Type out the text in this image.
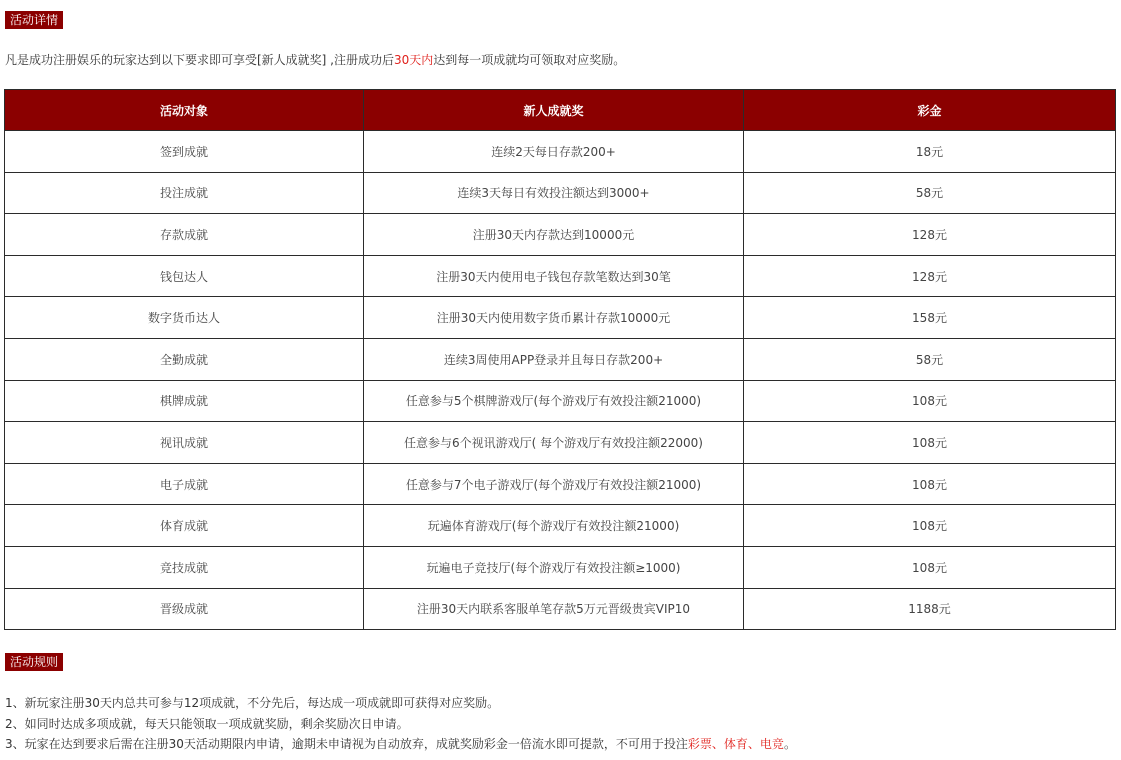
活动详情
凡是成功注册娱乐的玩家达到以下要求即可享受[新人成就奖] ,注册成功后30天内达到每一项成就均可领取对应奖励。
活动对象	新人成就奖	彩金
签到成就	连续2天每日存款200+	18元
投注成就	连续3天每日有效投注额达到3000+	58元
存款成就	注册30天内存款达到10000元	128元
钱包达人	注册30天内使用电子钱包存款笔数达到30笔	128元
数字货币达人	注册30天内使用数字货币累计存款10000元	158元
全勤成就	连续3周使用APP登录并且每日存款200+	58元
棋牌成就	任意参与5个棋牌游戏厅(每个游戏厅有效投注额21000)	108元
视讯成就	任意参与6个视讯游戏厅( 每个游戏厅有效投注额22000)	108元
电子成就	任意参与7个电子游戏厅(每个游戏厅有效投注额21000)	108元
体育成就	玩遍体育游戏厅(每个游戏厅有效投注额21000)	108元
竞技成就	玩遍电子竞技厅(每个游戏厅有效投注额≥1000)	108元
晋级成就	注册30天内联系客服单笔存款5万元晋级贵宾VIP10	1188元
活动规则
1、新玩家注册30天内总共可参与12项成就，不分先后，每达成一项成就即可获得对应奖励。
2、如同时达成多项成就，每天只能领取一项成就奖励，剩余奖励次日申请。
3、玩家在达到要求后需在注册30天活动期限内申请，逾期未申请视为自动放弃，成就奖励彩金一倍流水即可提款，不可用于投注彩票、体育、电竞。
